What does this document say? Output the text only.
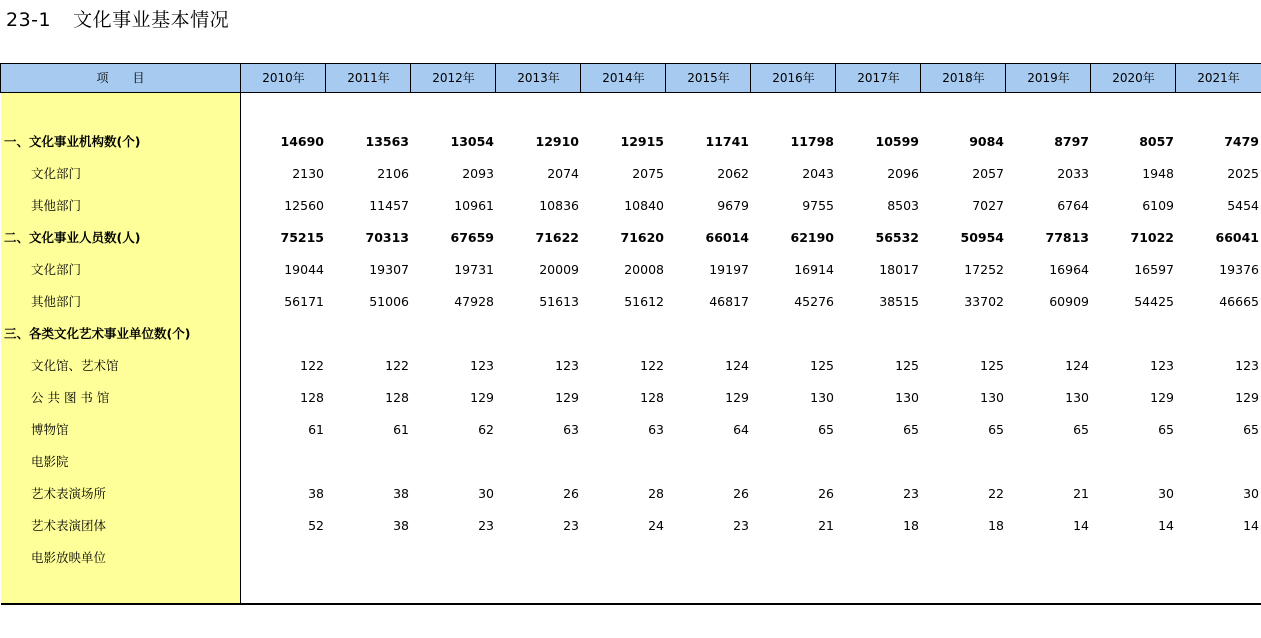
23-1 文化事业基本情况
项　　目	2010年	2011年	2012年	2013年	2014年	2015年	2016年	2017年	2018年	2019年	2020年	2021年
一、文化事业机构数(个)	14690	13563	13054	12910	12915	11741	11798	10599	9084	8797	8057	7479
文化部门	2130	2106	2093	2074	2075	2062	2043	2096	2057	2033	1948	2025
其他部门	12560	11457	10961	10836	10840	9679	9755	8503	7027	6764	6109	5454
二、文化事业人员数(人)	75215	70313	67659	71622	71620	66014	62190	56532	50954	77813	71022	66041
文化部门	19044	19307	19731	20009	20008	19197	16914	18017	17252	16964	16597	19376
其他部门	56171	51006	47928	51613	51612	46817	45276	38515	33702	60909	54425	46665
三、各类文化艺术事业单位数(个)
文化馆、艺术馆	122	122	123	123	122	124	125	125	125	124	123	123
公 共 图 书 馆	128	128	129	129	128	129	130	130	130	130	129	129
博物馆	61	61	62	63	63	64	65	65	65	65	65	65
电影院
艺术表演场所	38	38	30	26	28	26	26	23	22	21	30	30
艺术表演团体	52	38	23	23	24	23	21	18	18	14	14	14
电影放映单位
